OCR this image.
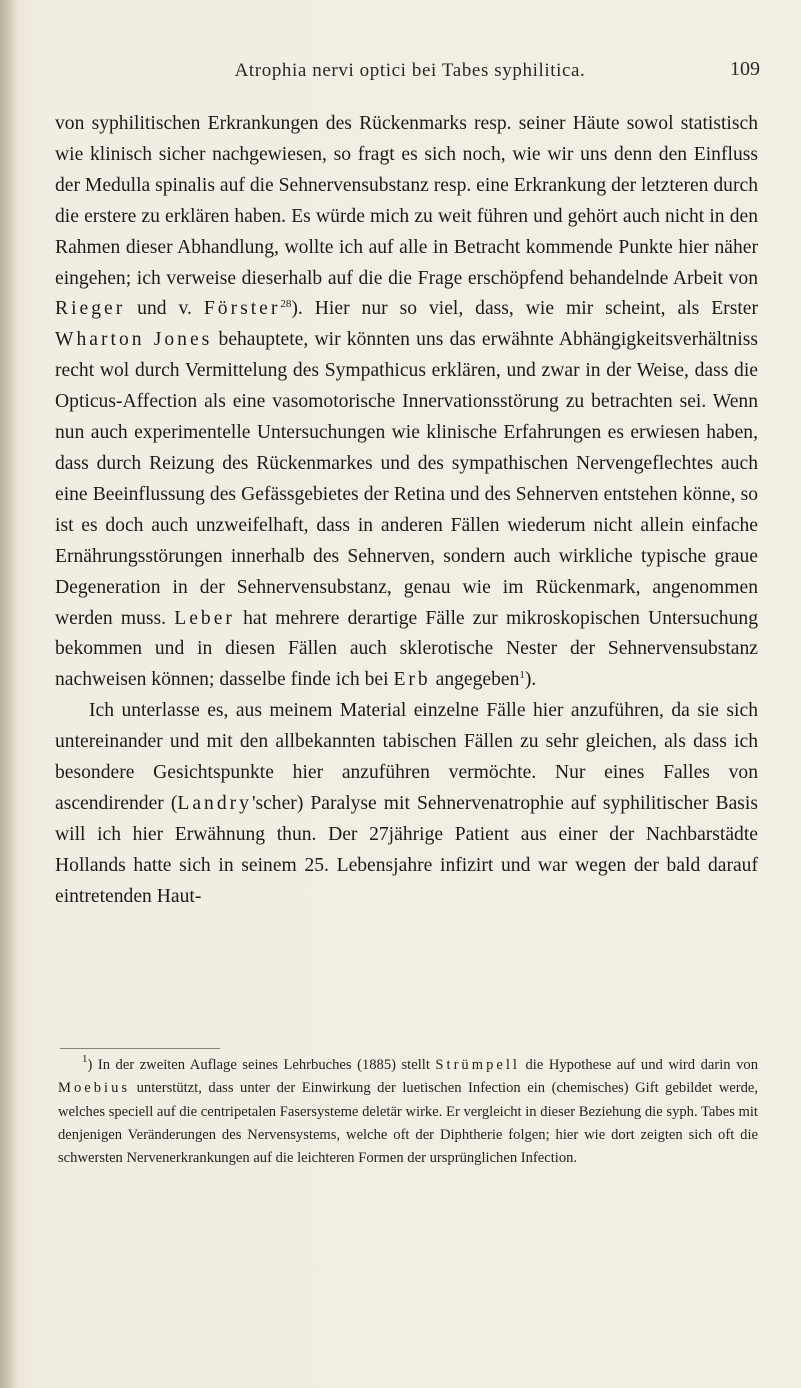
Atrophia nervi optici bei Tabes syphilitica.	109

von syphilitischen Erkrankungen des Rückenmarks resp. seiner Häute sowol statistisch wie klinisch sicher nachgewiesen, so fragt es sich noch, wie wir uns denn den Einfluss der Medulla spinalis auf die Sehnervensubstanz resp. eine Erkrankung der letzteren durch die erstere zu erklären haben. Es würde mich zu weit führen und gehört auch nicht in den Rahmen dieser Abhandlung, wollte ich auf alle in Betracht kommende Punkte hier näher eingehen; ich verweise dieserhalb auf die die Frage erschöpfend behandelnde Arbeit von Rieger und v. Förster$^{28}$). Hier nur so viel, dass, wie mir scheint, als Erster Wharton Jones behauptete, wir könnten uns das erwähnte Abhängigkeitsverhältniss recht wol durch Vermittelung des Sympathicus erklären, und zwar in der Weise, dass die Opticus-Affection als eine vasomotorische Innervationsstörung zu betrachten sei. Wenn nun auch experimentelle Untersuchungen wie klinische Erfahrungen es erwiesen haben, dass durch Reizung des Rückenmarkes und des sympathischen Nervengeflechtes auch eine Beeinflussung des Gefässgebietes der Retina und des Sehnerven entstehen könne, so ist es doch auch unzweifelhaft, dass in anderen Fällen wiederum nicht allein einfache Ernährungsstörungen innerhalb des Sehnerven, sondern auch wirkliche typische graue Degeneration in der Sehnervensubstanz, genau wie im Rückenmark, angenommen werden muss. Leber hat mehrere derartige Fälle zur mikroskopischen Untersuchung bekommen und in diesen Fällen auch sklerotische Nester der Sehnervensubstanz nachweisen können; dasselbe finde ich bei Erb angegeben$^1$).

Ich unterlasse es, aus meinem Material einzelne Fälle hier anzuführen, da sie sich untereinander und mit den allbekannten tabischen Fällen zu sehr gleichen, als dass ich besondere Gesichtspunkte hier anzuführen vermöchte. Nur eines Falles von ascendirender (Landry'scher) Paralyse mit Sehnervenatrophie auf syphilitischer Basis will ich hier Erwähnung thun. Der 27jährige Patient aus einer der Nachbarstädte Hollands hatte sich in seinem 25. Lebensjahre infizirt und war wegen der bald darauf eintretenden Haut-

$^1$) In der zweiten Auflage seines Lehrbuches (1885) stellt Strümpell die Hypothese auf und wird darin von Moebius unterstützt, dass unter der Einwirkung der luetischen Infection ein (chemisches) Gift gebildet werde, welches speciell auf die centripetalen Fasersysteme deletär wirke. Er vergleicht in dieser Beziehung die syph. Tabes mit denjenigen Veränderungen des Nervensystems, welche oft der Diphtherie folgen; hier wie dort zeigten sich oft die schwersten Nervenerkrankungen auf die leichteren Formen der ursprünglichen Infection.
